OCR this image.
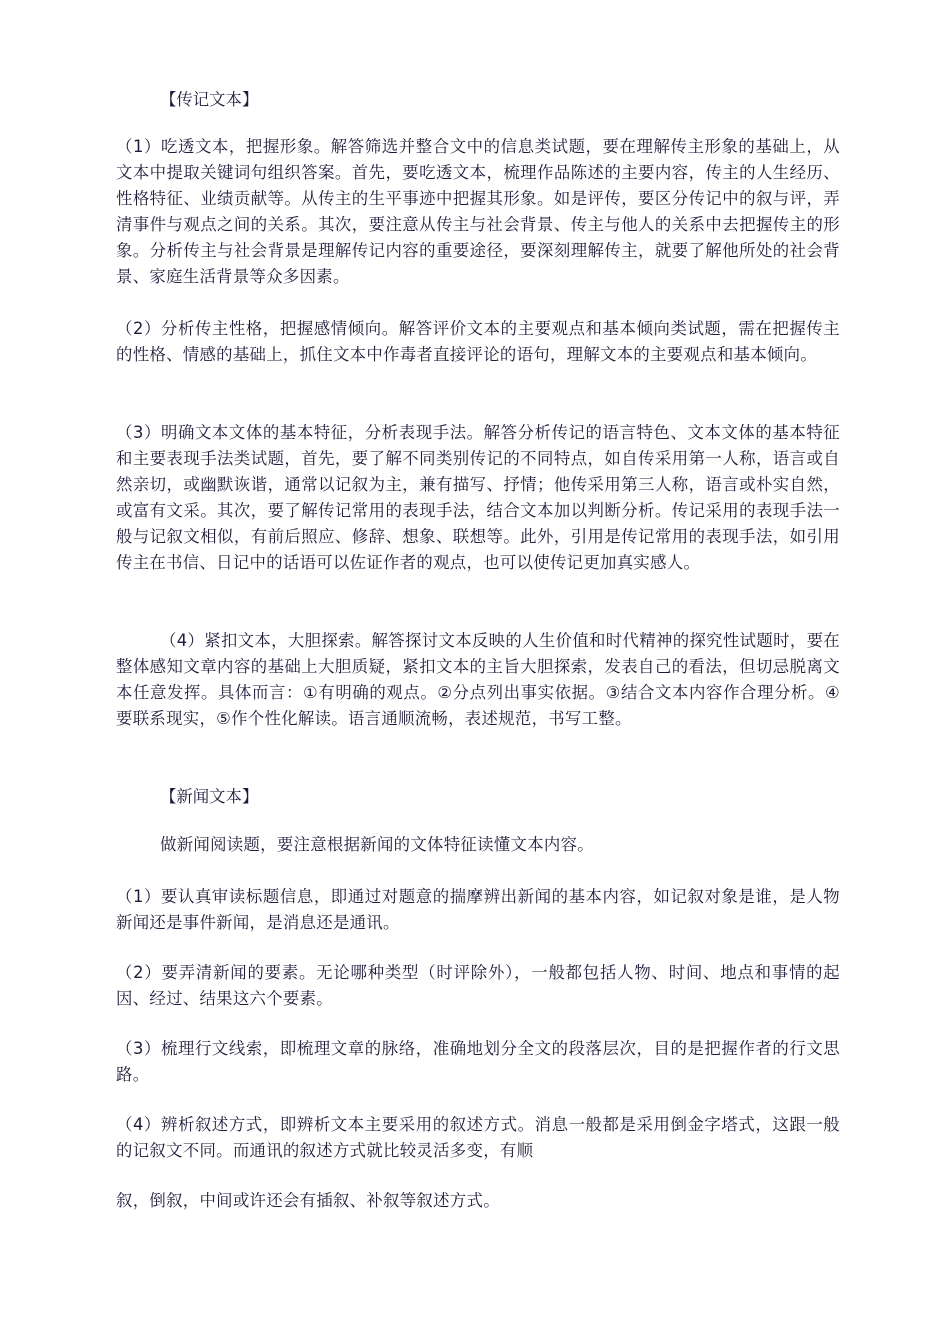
【传记文本】

（1）吃透文本，把握形象。解答筛选并整合文中的信息类试题，要在理解传主形象的基础上，从文本中提取关键词句组织答案。首先，要吃透文本，梳理作品陈述的主要内容，传主的人生经历、性格特征、业绩贡献等。从传主的生平事迹中把握其形象。如是评传，要区分传记中的叙与评，弄清事件与观点之间的关系。其次，要注意从传主与社会背景、传主与他人的关系中去把握传主的形象。分析传主与社会背景是理解传记内容的重要途径，要深刻理解传主，就要了解他所处的社会背景、家庭生活背景等众多因素。

（2）分析传主性格，把握感情倾向。解答评价文本的主要观点和基本倾向类试题，需在把握传主的性格、情感的基础上，抓住文本中作毒者直接评论的语句，理解文本的主要观点和基本倾向。

（3）明确文本文体的基本特征，分析表现手法。解答分析传记的语言特色、文本文体的基本特征和主要表现手法类试题，首先，要了解不同类别传记的不同特点，如自传采用第一人称，语言或自然亲切，或幽默诙谐，通常以记叙为主，兼有描写、抒情；他传采用第三人称，语言或朴实自然，或富有文采。其次，要了解传记常用的表现手法，结合文本加以判断分析。传记采用的表现手法一般与记叙文相似，有前后照应、修辞、想象、联想等。此外，引用是传记常用的表现手法，如引用传主在书信、日记中的话语可以佐证作者的观点，也可以使传记更加真实感人。

（4）紧扣文本，大胆探索。解答探讨文本反映的人生价值和时代精神的探究性试题时，要在整体感知文章内容的基础上大胆质疑，紧扣文本的主旨大胆探索，发表自己的看法，但切忌脱离文本任意发挥。具体而言：①有明确的观点。②分点列出事实依据。③结合文本内容作合理分析。④要联系现实，⑤作个性化解读。语言通顺流畅，表述规范，书写工整。

【新闻文本】

做新闻阅读题，要注意根据新闻的文体特征读懂文本内容。

（1）要认真审读标题信息，即通过对题意的揣摩辨出新闻的基本内容，如记叙对象是谁，是人物新闻还是事件新闻，是消息还是通讯。

（2）要弄清新闻的要素。无论哪种类型（时评除外），一般都包括人物、时间、地点和事情的起因、经过、结果这六个要素。

（3）梳理行文线索，即梳理文章的脉络，准确地划分全文的段落层次，目的是把握作者的行文思路。

（4）辨析叙述方式，即辨析文本主要采用的叙述方式。消息一般都是采用倒金字塔式，这跟一般的记叙文不同。而通讯的叙述方式就比较灵活多变，有顺

叙，倒叙，中间或许还会有插叙、补叙等叙述方式。
